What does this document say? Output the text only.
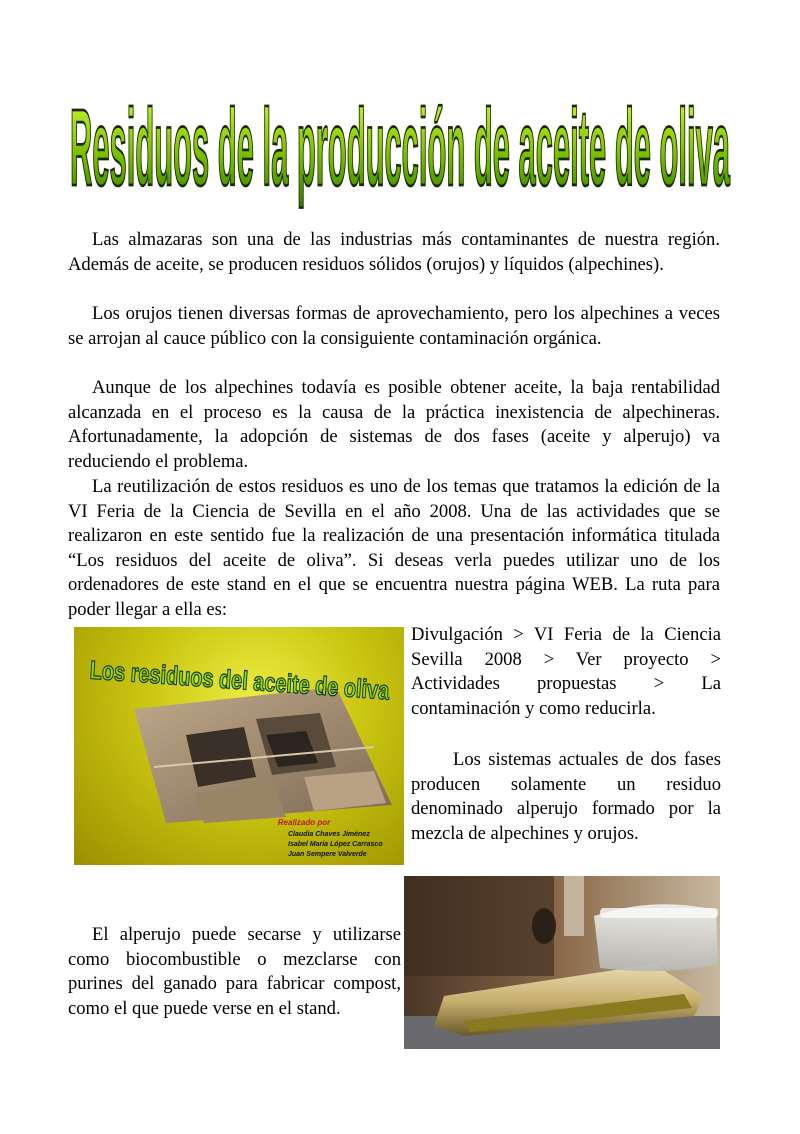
Residuos de la producción de aceite de oliva

Las almazaras son una de las industrias más contaminantes de nuestra región. Además de aceite, se producen residuos sólidos (orujos) y líquidos (alpechines).

Los orujos tienen diversas formas de aprovechamiento, pero los alpechines a veces se arrojan al cauce público con la consiguiente contaminación orgánica.

Aunque de los alpechines todavía es posible obtener aceite, la baja rentabilidad alcanzada en el proceso es la causa de la práctica inexistencia de alpechineras. Afortunadamente, la adopción de sistemas de dos fases (aceite y alperujo) va reduciendo el problema.

La reutilización de estos residuos es uno de los temas que tratamos la edición de la VI Feria de la Ciencia de Sevilla en el año 2008. Una de las actividades que se realizaron en este sentido fue la realización de una presentación informática titulada “Los residuos del aceite de oliva”. Si deseas verla puedes utilizar uno de los ordenadores de este stand en el que se encuentra nuestra página WEB. La ruta para poder llegar a ella es:

Los residuos del aceite de oliva
Realizado por
Claudia Chaves Jiménez
Isabel María López Carrasco
Juan Sempere Valverde

Divulgación > VI Feria de la Ciencia Sevilla 2008 > Ver proyecto > Actividades propuestas > La contaminación y como reducirla.

Los sistemas actuales de dos fases producen solamente un residuo denominado alperujo formado por la mezcla de alpechines y orujos.

El alperujo puede secarse y utilizarse como biocombustible o mezclarse con purines del ganado para fabricar compost, como el que puede verse en el stand.
